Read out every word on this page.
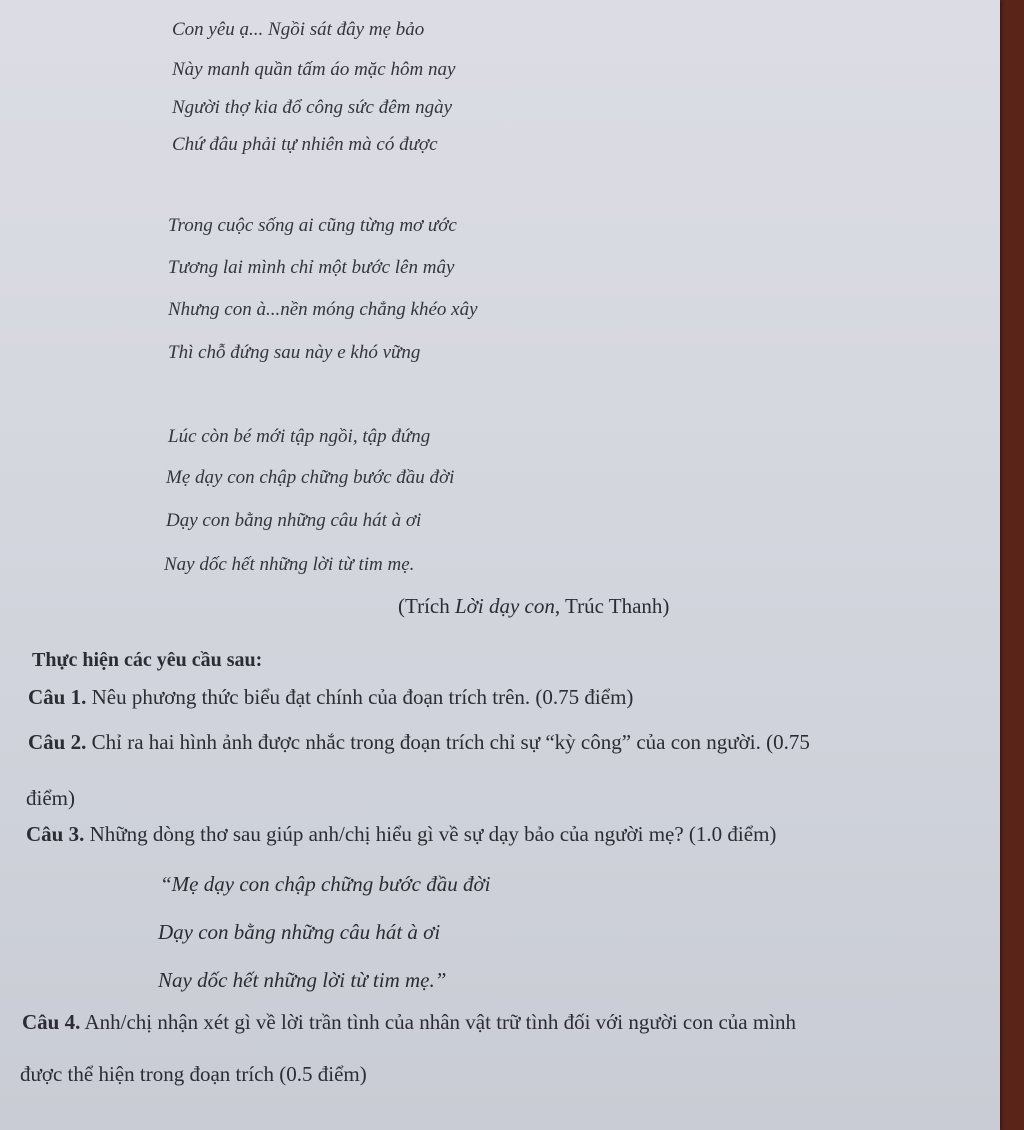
Con yêu ạ... Ngồi sát đây mẹ bảo
Này manh quần tấm áo mặc hôm nay
Người thợ kia đổ công sức đêm ngày
Chứ đâu phải tự nhiên mà có được
Trong cuộc sống ai cũng từng mơ ước
Tương lai mình chỉ một bước lên mây
Nhưng con à...nền móng chẳng khéo xây
Thì chỗ đứng sau này e khó vững
Lúc còn bé mới tập ngồi, tập đứng
Mẹ dạy con chập chững bước đầu đời
Dạy con bằng những câu hát à ơi
Nay dốc hết những lời từ tim mẹ.
(Trích Lời dạy con, Trúc Thanh)
Thực hiện các yêu cầu sau:
Câu 1. Nêu phương thức biểu đạt chính của đoạn trích trên. (0.75 điểm)
Câu 2. Chỉ ra hai hình ảnh được nhắc trong đoạn trích chỉ sự “kỳ công” của con người. (0.75
điểm)
Câu 3. Những dòng thơ sau giúp anh/chị hiểu gì về sự dạy bảo của người mẹ? (1.0 điểm)
“Mẹ dạy con chập chững bước đầu đời
Dạy con bằng những câu hát à ơi
Nay dốc hết những lời từ tim mẹ.”
Câu 4. Anh/chị nhận xét gì về lời trần tình của nhân vật trữ tình đối với người con của mình
được thể hiện trong đoạn trích (0.5 điểm)
